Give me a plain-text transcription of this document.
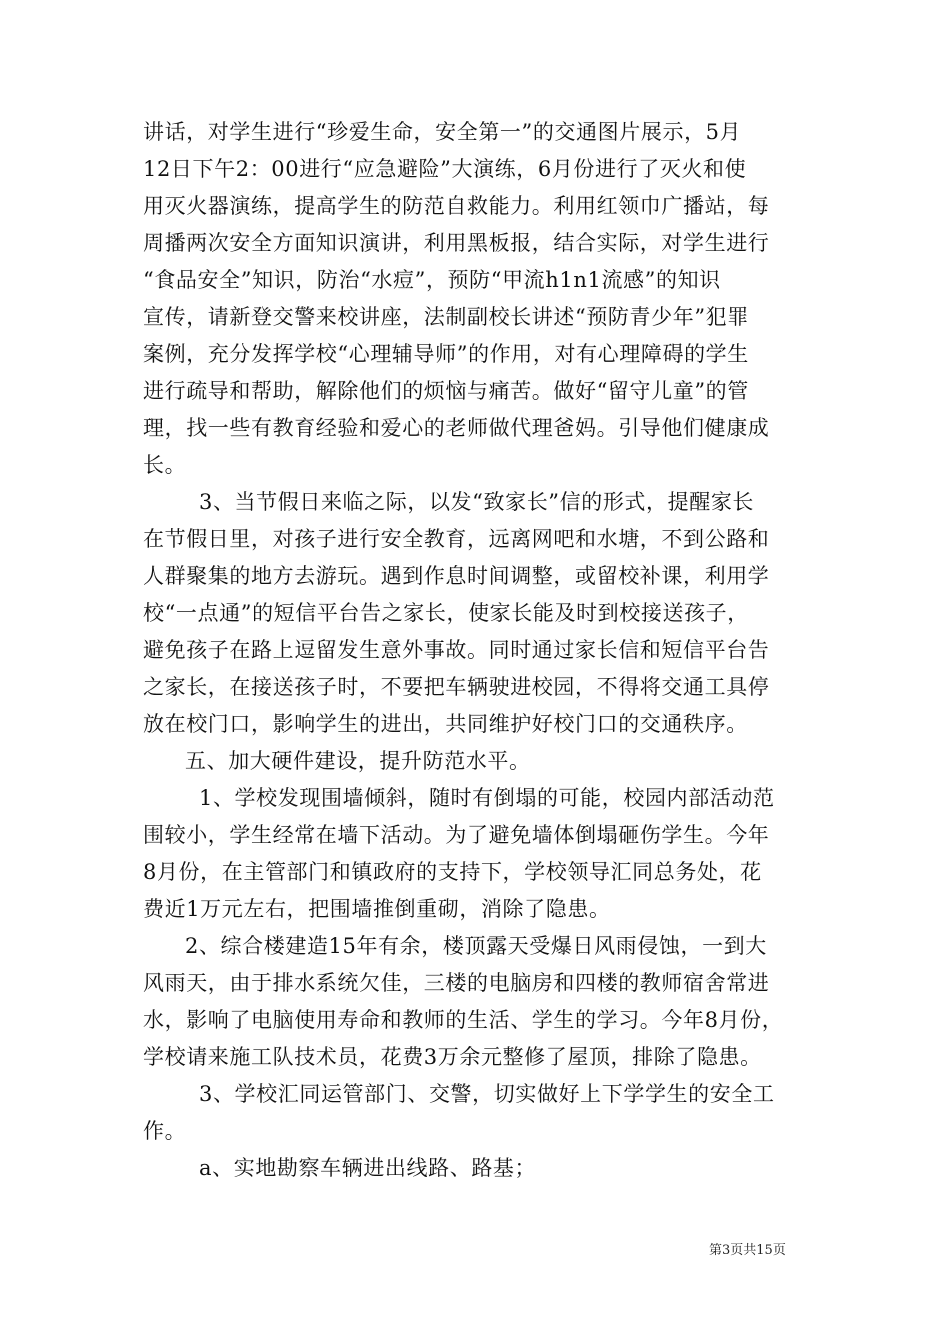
讲话，对学生进行“珍爱生命，安全第一”的交通图片展示，5月
12日下午2：00进行“应急避险”大演练，6月份进行了灭火和使
用灭火器演练，提高学生的防范自救能力。利用红领巾广播站，每
周播两次安全方面知识演讲，利用黑板报，结合实际，对学生进行
“食品安全”知识，防治“水痘”，预防“甲流h1n1流感”的知识
宣传，请新登交警来校讲座，法制副校长讲述“预防青少年”犯罪
案例，充分发挥学校“心理辅导师”的作用，对有心理障碍的学生
进行疏导和帮助，解除他们的烦恼与痛苦。做好“留守儿童”的管
理，找一些有教育经验和爱心的老师做代理爸妈。引导他们健康成
长。
3、当节假日来临之际，以发“致家长”信的形式，提醒家长
在节假日里，对孩子进行安全教育，远离网吧和水塘，不到公路和
人群聚集的地方去游玩。遇到作息时间调整，或留校补课，利用学
校“一点通”的短信平台告之家长，使家长能及时到校接送孩子，
避免孩子在路上逗留发生意外事故。同时通过家长信和短信平台告
之家长，在接送孩子时，不要把车辆驶进校园，不得将交通工具停
放在校门口，影响学生的进出，共同维护好校门口的交通秩序。
五、加大硬件建设，提升防范水平。
1、学校发现围墙倾斜，随时有倒塌的可能，校园内部活动范
围较小，学生经常在墙下活动。为了避免墙体倒塌砸伤学生。今年
8月份，在主管部门和镇政府的支持下，学校领导汇同总务处，花
费近1万元左右，把围墙推倒重砌，消除了隐患。
2、综合楼建造15年有余，楼顶露天受爆日风雨侵蚀，一到大
风雨天，由于排水系统欠佳，三楼的电脑房和四楼的教师宿舍常进
水，影响了电脑使用寿命和教师的生活、学生的学习。今年8月份，
学校请来施工队技术员，花费3万余元整修了屋顶，排除了隐患。
3、学校汇同运管部门、交警，切实做好上下学学生的安全工
作。
a、实地勘察车辆进出线路、路基；
第3页共15页
